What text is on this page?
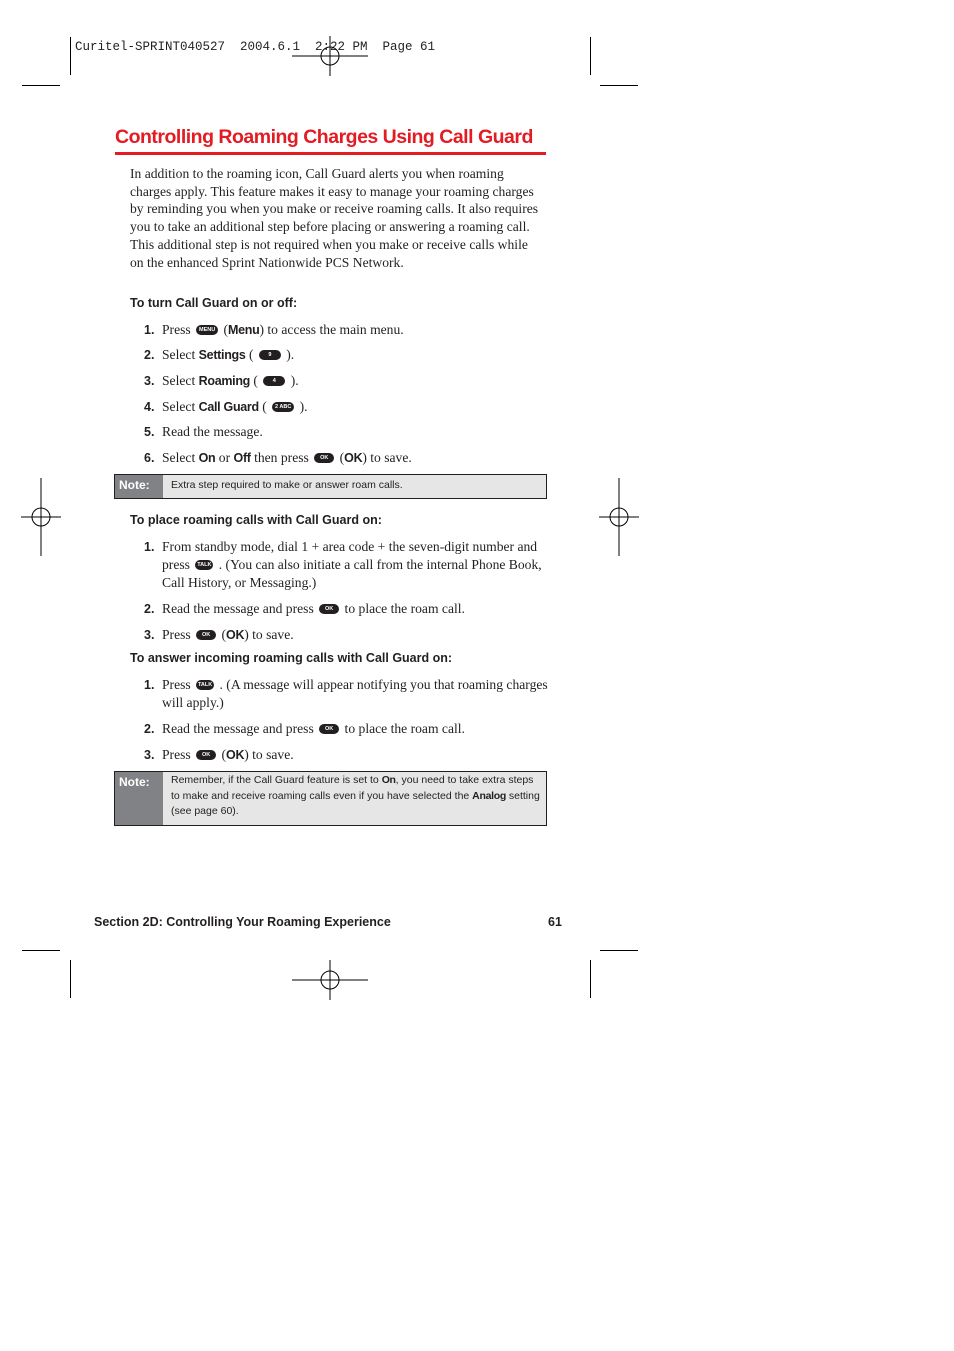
Curitel-SPRINT040527  2004.6.1  2:22 PM  Page 61
Controlling Roaming Charges Using Call Guard
In addition to the roaming icon, Call Guard alerts you when roaming charges apply. This feature makes it easy to manage your roaming charges by reminding you when you make or receive roaming calls. It also requires you to take an additional step before placing or answering a roaming call. This additional step is not required when you make or receive calls while on the enhanced Sprint Nationwide PCS Network.
To turn Call Guard on or off:
1. Press MENU (Menu) to access the main menu.
2. Select Settings ( 9 ).
3. Select Roaming ( 4 ).
4. Select Call Guard ( 2 ABC ).
5. Read the message.
6. Select On or Off then press OK (OK) to save.
Note:	Extra step required to make or answer roam calls.
To place roaming calls with Call Guard on:
1. From standby mode, dial 1 + area code + the seven-digit number and press TALK . (You can also initiate a call from the internal Phone Book, Call History, or Messaging.)
2. Read the message and press OK to place the roam call.
3. Press OK (OK) to save.
To answer incoming roaming calls with Call Guard on:
1. Press TALK . (A message will appear notifying you that roaming charges will apply.)
2. Read the message and press OK to place the roam call.
3. Press OK (OK) to save.
Note:	Remember, if the Call Guard feature is set to On, you need to take extra steps to make and receive roaming calls even if you have selected the Analog setting (see page 60).
Section 2D: Controlling Your Roaming Experience	61
